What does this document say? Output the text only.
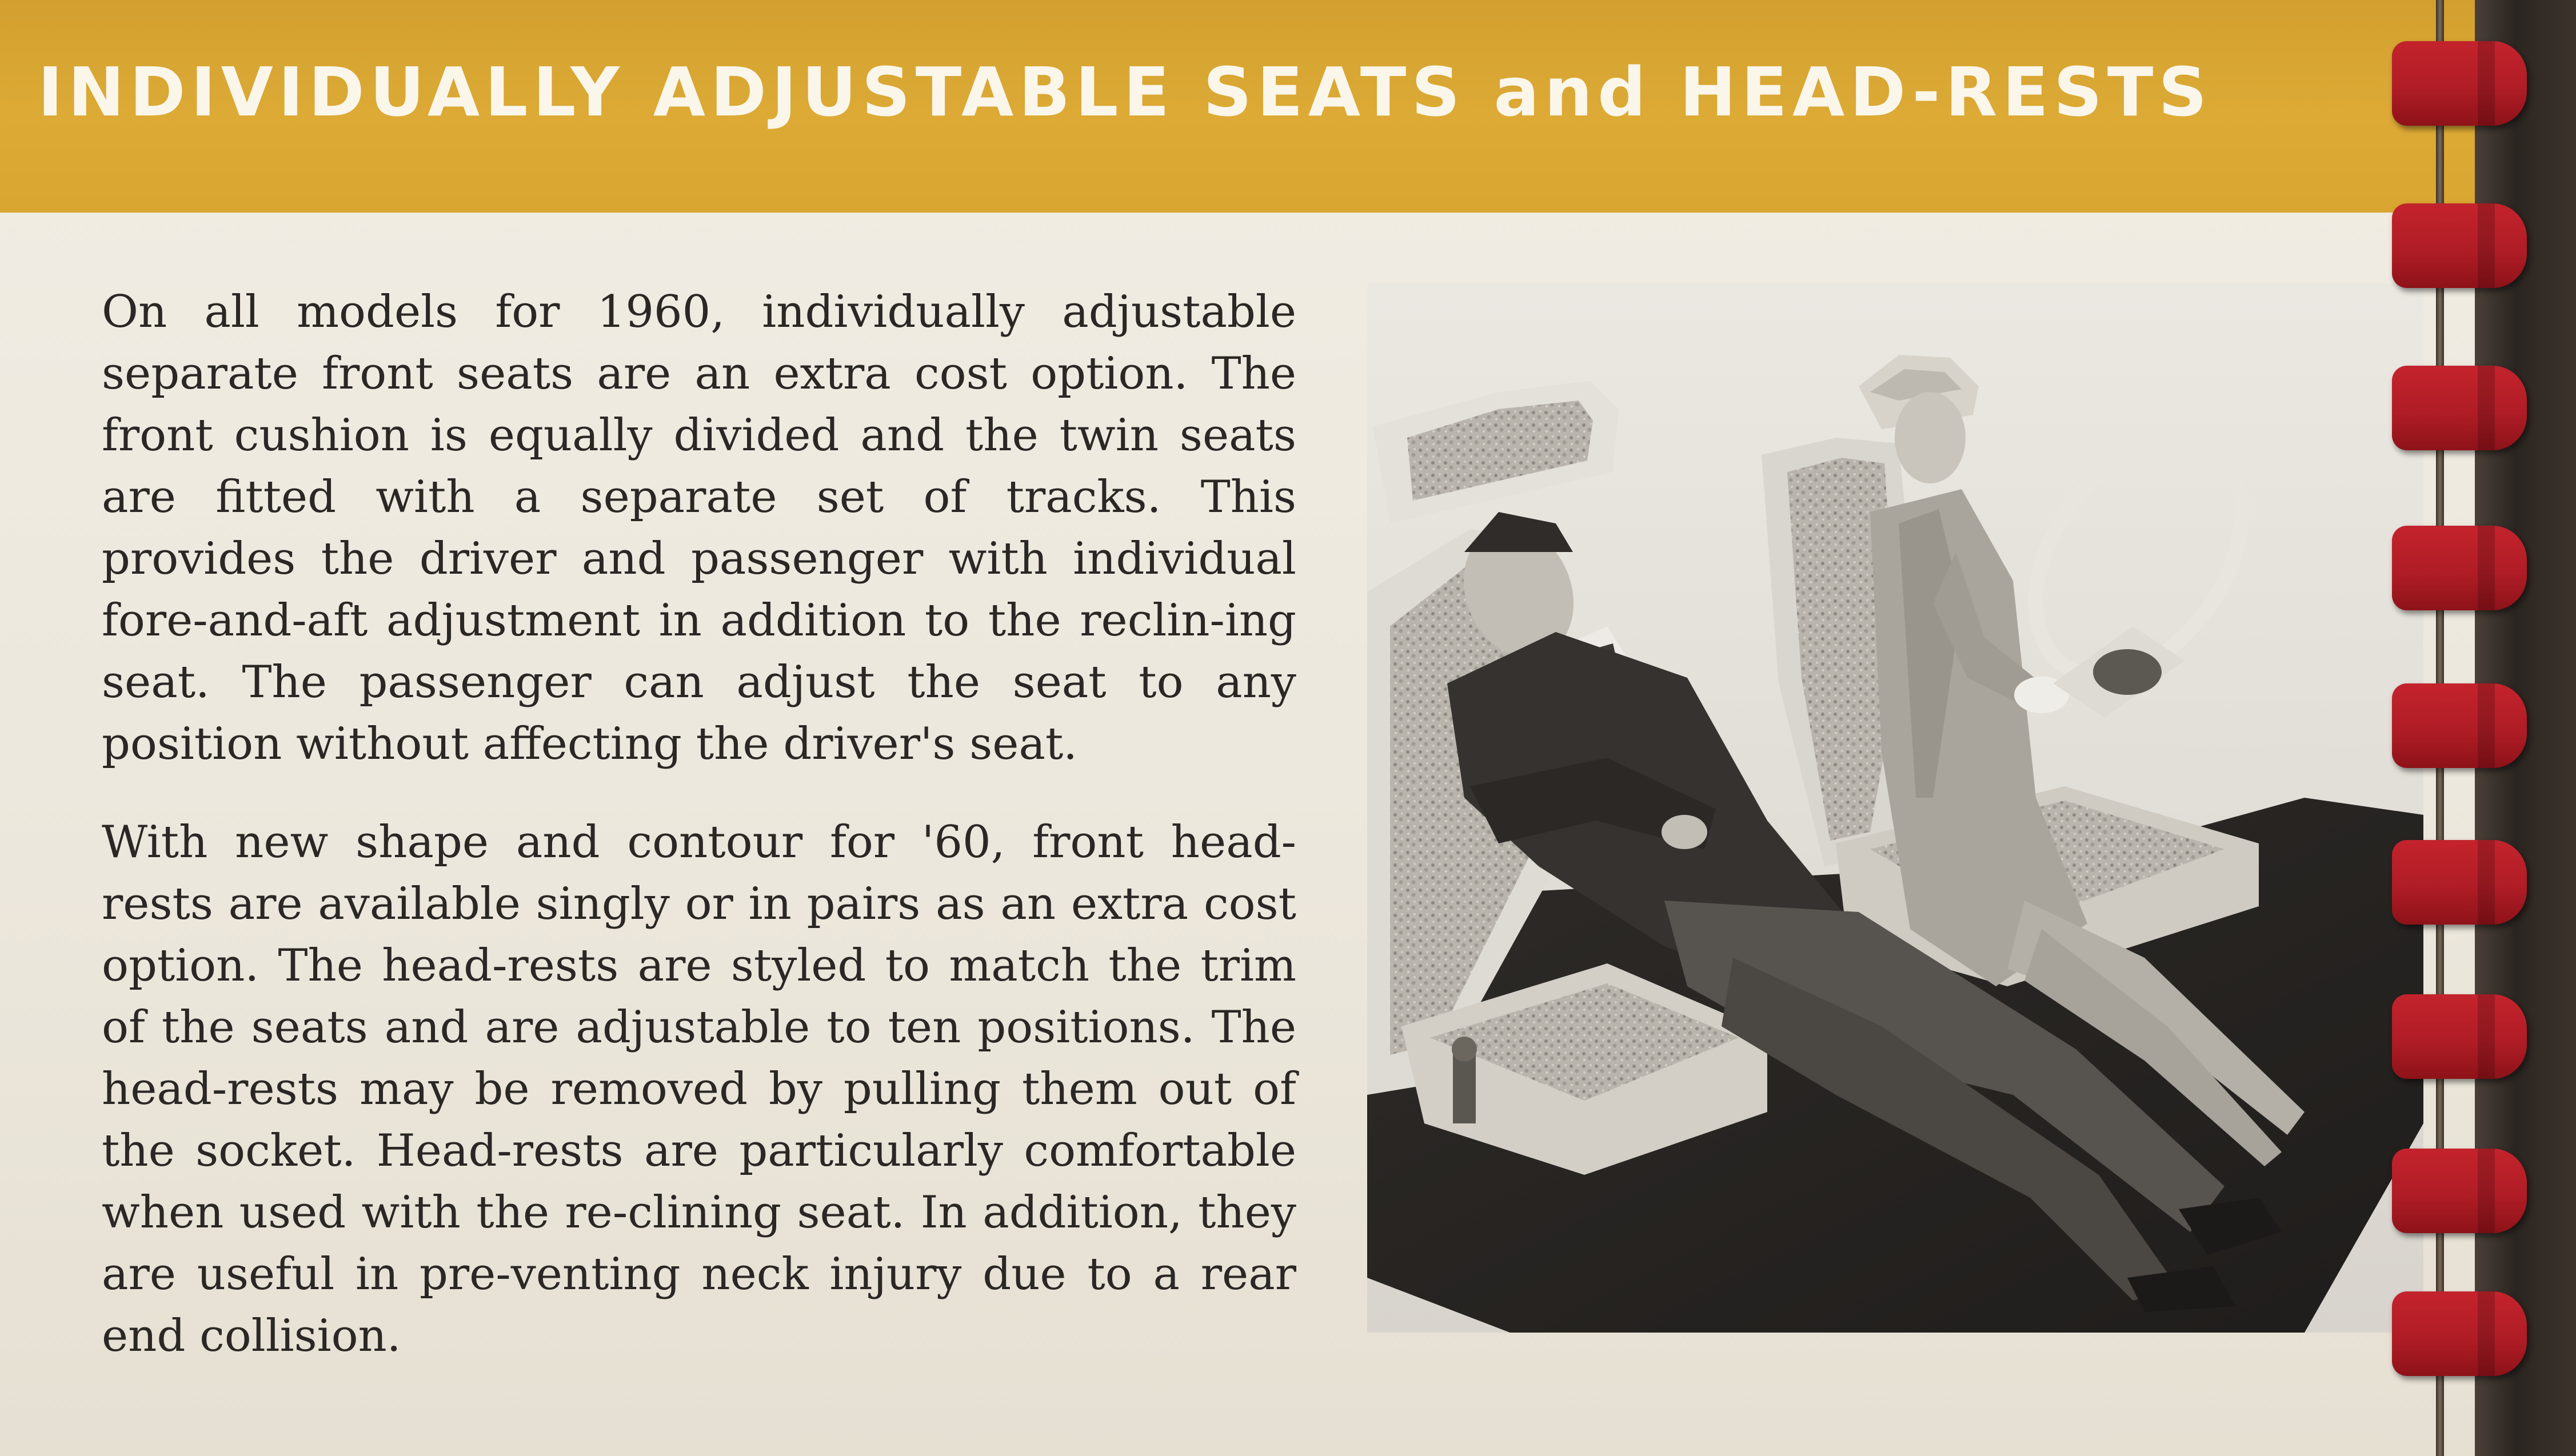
INDIVIDUALLY ADJUSTABLE SEATS and HEAD-RESTS

On all models for 1960, individually adjustable separate front seats are an extra cost option. The front cushion is equally divided and the twin seats are fitted with a separate set of tracks. This provides the driver and passenger with individual fore-and-aft adjustment in addition to the reclin-ing seat. The passenger can adjust the seat to any position without affecting the driver's seat.

With new shape and contour for '60, front head-rests are available singly or in pairs as an extra cost option. The head-rests are styled to match the trim of the seats and are adjustable to ten positions. The head-rests may be removed by pulling them out of the socket. Head-rests are particularly comfortable when used with the re-clining seat. In addition, they are useful in pre-venting neck injury due to a rear end collision.
